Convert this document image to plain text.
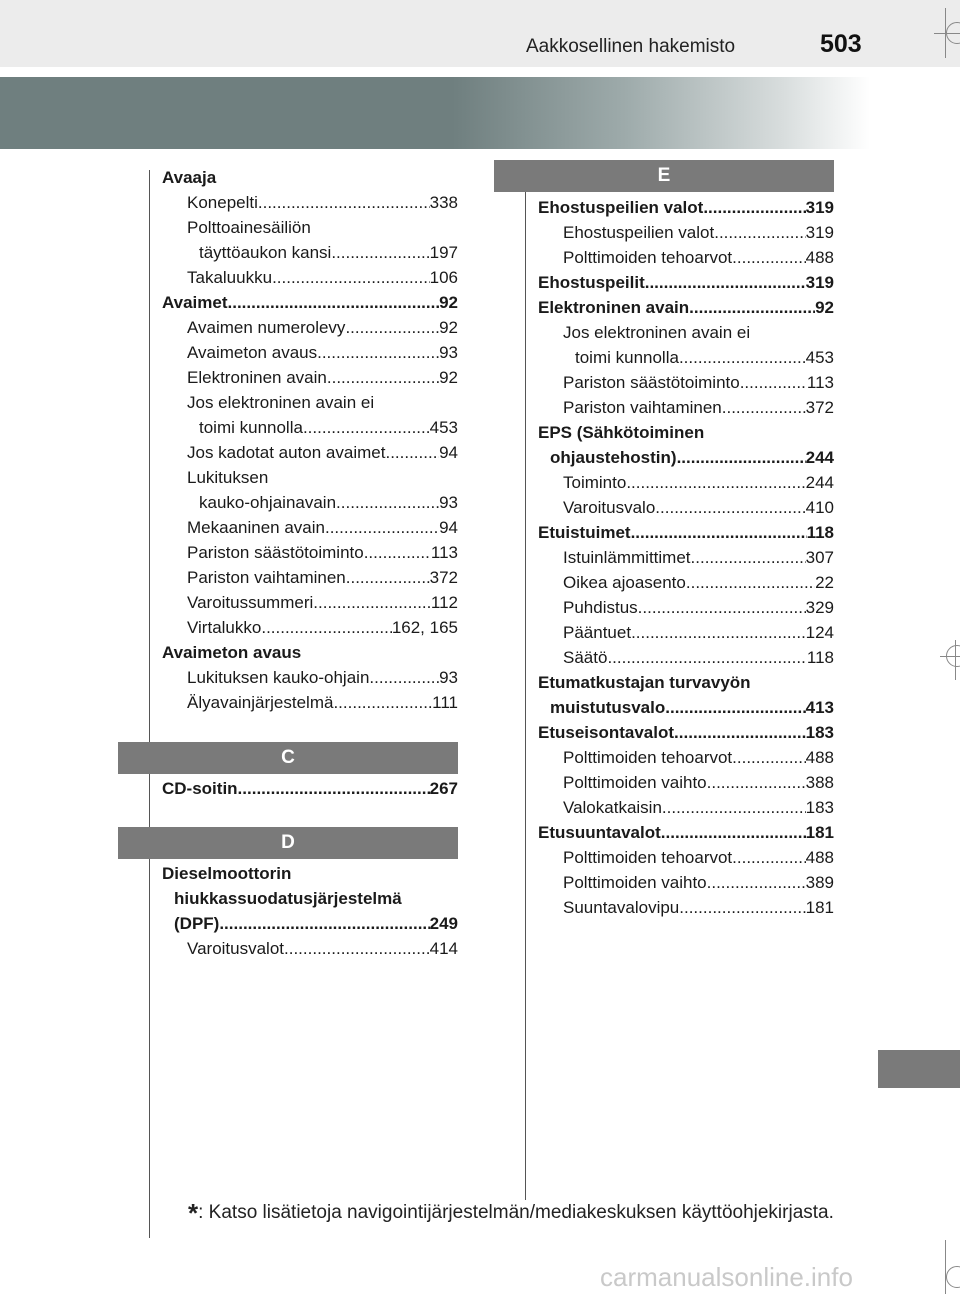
Aakkosellinen hakemisto	503
Avaaja
Konepelti .....	338
Polttoainesäiliön
täyttöaukon kansi .....	197
Takaluukku .....	106
Avaimet .....	92
Avaimen numerolevy .....	92
Avaimeton avaus .....	93
Elektroninen avain .....	92
Jos elektroninen avain ei
toimi kunnolla .....	453
Jos kadotat auton avaimet .....	94
Lukituksen
kauko-ohjainavain .....	93
Mekaaninen avain .....	94
Pariston säästötoiminto .....	113
Pariston vaihtaminen .....	372
Varoitussummeri .....	112
Virtalukko .....	162, 165
Avaimeton avaus
Lukituksen kauko-ohjain .....	93
Älyavainjärjestelmä .....	111
C
CD-soitin .....	267
D
Dieselmoottorin
hiukkassuodatusjärjestelmä
(DPF) .....	249
Varoitusvalot .....	414
E
Ehostuspeilien valot .....	319
Ehostuspeilien valot .....	319
Polttimoiden tehoarvot .....	488
Ehostuspeilit .....	319
Elektroninen avain .....	92
Jos elektroninen avain ei
toimi kunnolla .....	453
Pariston säästötoiminto .....	113
Pariston vaihtaminen .....	372
EPS (Sähkötoiminen
ohjaustehostin) .....	244
Toiminto .....	244
Varoitusvalo .....	410
Etuistuimet .....	118
Istuinlämmittimet .....	307
Oikea ajoasento .....	22
Puhdistus .....	329
Pääntuet .....	124
Säätö .....	118
Etumatkustajan turvavyön
muistutusvalo .....	413
Etuseisontavalot .....	183
Polttimoiden tehoarvot .....	488
Polttimoiden vaihto .....	388
Valokatkaisin .....	183
Etusuuntavalot .....	181
Polttimoiden tehoarvot .....	488
Polttimoiden vaihto .....	389
Suuntavalovipu .....	181
*: Katso lisätietoja navigointijärjestelmän/mediakeskuksen käyttöohjekirjasta.
carmanualsonline.info
